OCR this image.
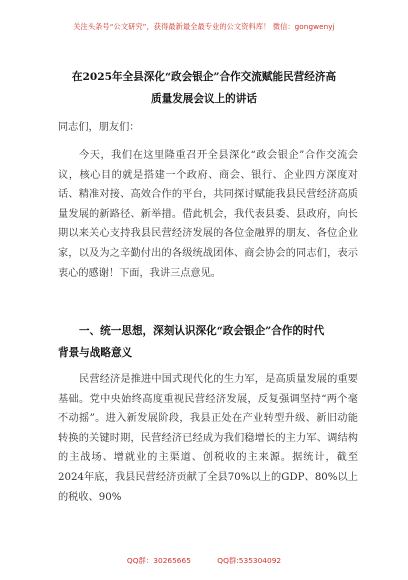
关注头条号“公文研究”，获得最新最全最专业的公文资料库！ 微信：gongwenyj
在2025年全县深化“政会银企”合作交流赋能民营经济高
质量发展会议上的讲话
同志们，朋友们：
今天，我们在这里隆重召开全县深化“政会银企”合作交流会议，核心目的就是搭建一个政府、商会、银行、企业四方深度对话、精准对接、高效合作的平台，共同探讨赋能我县民营经济高质量发展的新路径、新举措。借此机会，我代表县委、县政府，向长期以来关心支持我县民营经济发展的各位金融界的朋友、各位企业家，以及为之辛勤付出的各级统战团体、商会协会的同志们，表示衷心的感谢！下面，我讲三点意见。
一、统一思想，深刻认识深化“政会银企”合作的时代
背景与战略意义
民营经济是推进中国式现代化的生力军，是高质量发展的重要基础。党中央始终高度重视民营经济发展，反复强调坚持“两个毫不动摇”。进入新发展阶段，我县正处在产业转型升级、新旧动能转换的关键时期，民营经济已经成为我们稳增长的主力军、调结构的主战场、增就业的主渠道、创税收的主来源。据统计，截至2024年底，我县民营经济贡献了全县70%以上的GDP、80%以上的税收、90%
QQ群：30265665	QQ群:535304092
